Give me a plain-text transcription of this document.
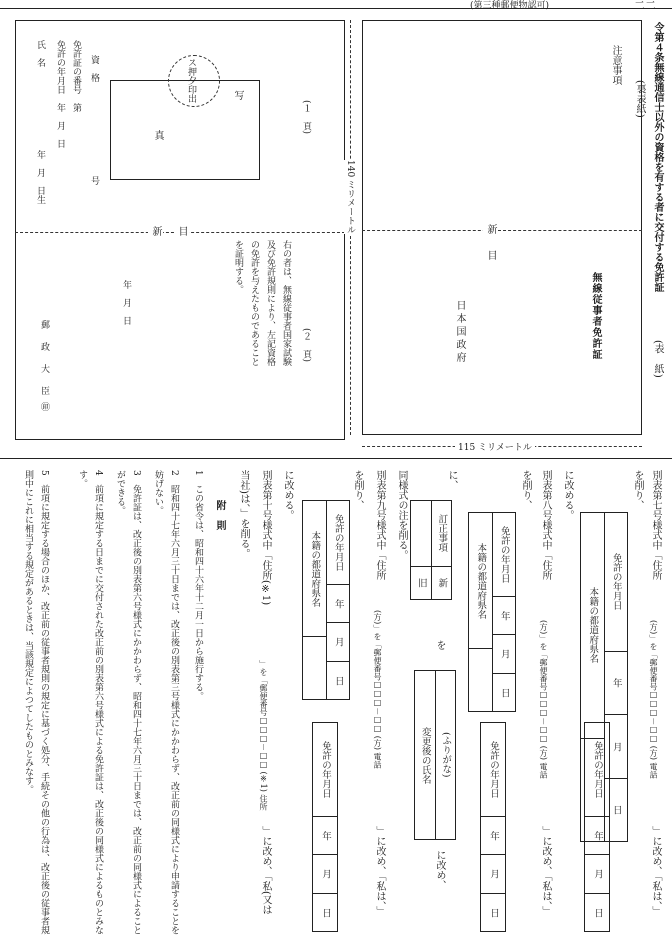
(第三種郵便物認可)	二二
令第４条無線通信士以外の資格を有する者に交付する免許証
(表　紙)
(裏表紙)
新 目	新
目
140 ミリメートル
115 ミリメートル
注意事項
無線従事者免許証
日本国政府
(１　頁)
(２　頁)
写
真
ス押夕印出
資　格
免許証の番号　第
号
免許の年月日　年　月　日
氏　名
年　月　日生
右の者は、無線従事者国家試験及び免許規則により、左記資格の免許を与えたものであることを証明する。
年　月　日
郵　政　大　臣 ㊞
別表第七号様式中「住所
(方)」を「郵便番号□□□－□□ (方) 電話
」に改め、「私は、」
を削り、
免許の年月日
年
月
日
本籍の都道府県名
免許の年月日
年
月
日
に改める。
別表第八号様式中「住所
(方)」を「郵便番号□□□－□□ (方) 電話
」に改め、「私は、」
を削り、
免許の年月日
年
月
日
本籍の都道府県名
免許の年月日
年
月
日
に、
訂正事項
新
旧
を
(ふりがな)
変更後の氏名
に改め、
同様式の注を削る。
別表第九号様式中「住所
(方)」を「郵便番号□□□－□□ (方) 電話
」に改め、「私は、」
を削り、
免許の年月日
年
月
日
本籍の都道府県名
免許の年月日
年
月
日
に改める。
別表第十号様式中「住所(※1)
」を「郵便番号□□□－□□ (※1) 住所
」に改め、「私(又は
当社)は、」を削る。
附　則
1　この省令は、昭和四十六年十二月一日から施行する。
2　昭和四十七年六月三十日までは、改正後の別表第三号様式にかかわらず、改正前の同様式により申請することを妨げない。
3　免許証は、改正後の別表第六号様式にかかわらず、昭和四十七年六月三十日までは、改正前の同様式によることができる。
4　前項に規定する日までに交付された改正前の別表第六号様式による免許証は、改正後の同様式によるものとみなす。
5　前項に規定する場合のほか、改正前の従事者規則の規定に基づく処分、手続その他の行為は、改正後の従事者規則中にこれに相当する規定があるときは、当該規定によつてしたものとみなす。
